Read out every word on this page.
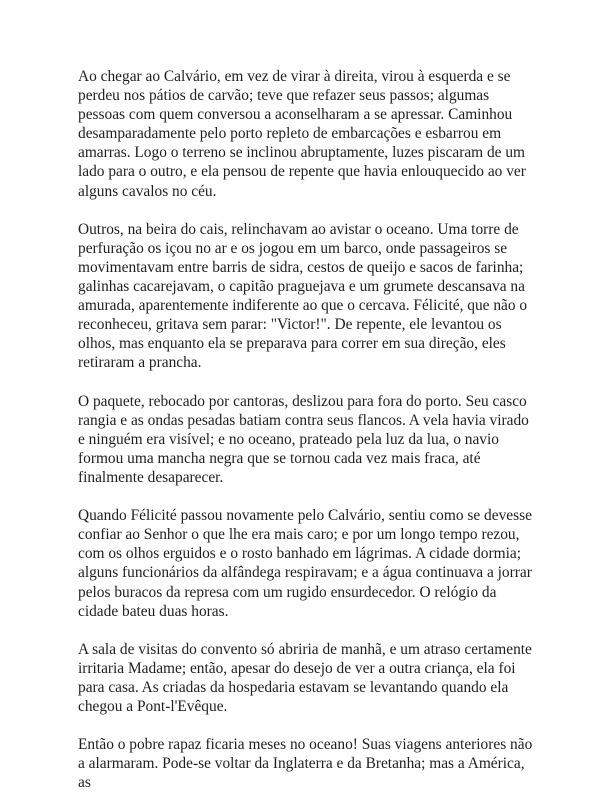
Ao chegar ao Calvário, em vez de virar à direita, virou à esquerda e se perdeu nos pátios de carvão; teve que refazer seus passos; algumas pessoas com quem conversou a aconselharam a se apressar. Caminhou desamparadamente pelo porto repleto de embarcações e esbarrou em amarras. Logo o terreno se inclinou abruptamente, luzes piscaram de um lado para o outro, e ela pensou de repente que havia enlouquecido ao ver alguns cavalos no céu.

Outros, na beira do cais, relinchavam ao avistar o oceano. Uma torre de perfuração os içou no ar e os jogou em um barco, onde passageiros se movimentavam entre barris de sidra, cestos de queijo e sacos de farinha; galinhas cacarejavam, o capitão praguejava e um grumete descansava na amurada, aparentemente indiferente ao que o cercava. Félicité, que não o reconheceu, gritava sem parar: "Victor!". De repente, ele levantou os olhos, mas enquanto ela se preparava para correr em sua direção, eles retiraram a prancha.

O paquete, rebocado por cantoras, deslizou para fora do porto. Seu casco rangia e as ondas pesadas batiam contra seus flancos. A vela havia virado e ninguém era visível; e no oceano, prateado pela luz da lua, o navio formou uma mancha negra que se tornou cada vez mais fraca, até finalmente desaparecer.

Quando Félicité passou novamente pelo Calvário, sentiu como se devesse confiar ao Senhor o que lhe era mais caro; e por um longo tempo rezou, com os olhos erguidos e o rosto banhado em lágrimas. A cidade dormia; alguns funcionários da alfândega respiravam; e a água continuava a jorrar pelos buracos da represa com um rugido ensurdecedor. O relógio da cidade bateu duas horas.

A sala de visitas do convento só abriria de manhã, e um atraso certamente irritaria Madame; então, apesar do desejo de ver a outra criança, ela foi para casa. As criadas da hospedaria estavam se levantando quando ela chegou a Pont-l'Evêque.

Então o pobre rapaz ficaria meses no oceano! Suas viagens anteriores não a alarmaram. Pode-se voltar da Inglaterra e da Bretanha; mas a América, as
